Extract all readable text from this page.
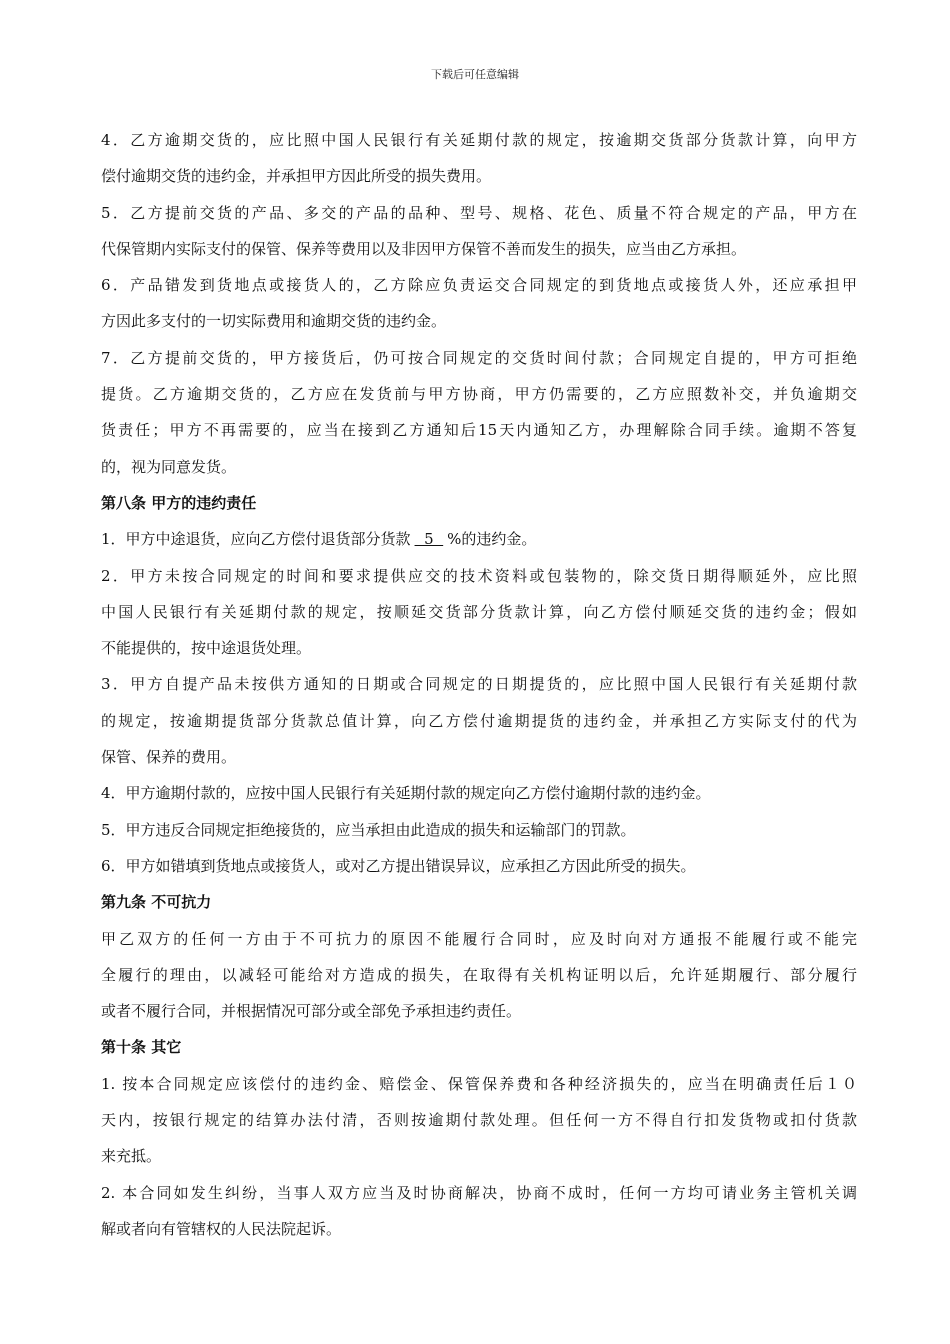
下载后可任意编辑

4．乙方逾期交货的，应比照中国人民银行有关延期付款的规定，按逾期交货部分货款计算，向甲方

偿付逾期交货的违约金，并承担甲方因此所受的损失费用。

5．乙方提前交货的产品、多交的产品的品种、型号、规格、花色、质量不符合规定的产品，甲方在

代保管期内实际支付的保管、保养等费用以及非因甲方保管不善而发生的损失，应当由乙方承担。

6．产品错发到货地点或接货人的，乙方除应负责运交合同规定的到货地点或接货人外，还应承担甲

方因此多支付的一切实际费用和逾期交货的违约金。

7．乙方提前交货的，甲方接货后，仍可按合同规定的交货时间付款；合同规定自提的，甲方可拒绝

提货。乙方逾期交货的，乙方应在发货前与甲方协商，甲方仍需要的，乙方应照数补交，并负逾期交

货责任；甲方不再需要的，应当在接到乙方通知后15天内通知乙方，办理解除合同手续。逾期不答复

的，视为同意发货。

第八条 甲方的违约责任

1．甲方中途退货，应向乙方偿付退货部分货款  5  %的违约金。

2．甲方未按合同规定的时间和要求提供应交的技术资料或包装物的，除交货日期得顺延外，应比照

中国人民银行有关延期付款的规定，按顺延交货部分货款计算，向乙方偿付顺延交货的违约金；假如

不能提供的，按中途退货处理。

3．甲方自提产品未按供方通知的日期或合同规定的日期提货的，应比照中国人民银行有关延期付款

的规定，按逾期提货部分货款总值计算，向乙方偿付逾期提货的违约金，并承担乙方实际支付的代为

保管、保养的费用。

4．甲方逾期付款的，应按中国人民银行有关延期付款的规定向乙方偿付逾期付款的违约金。

5．甲方违反合同规定拒绝接货的，应当承担由此造成的损失和运输部门的罚款。

6．甲方如错填到货地点或接货人，或对乙方提出错误异议，应承担乙方因此所受的损失。

第九条 不可抗力

甲乙双方的任何一方由于不可抗力的原因不能履行合同时，应及时向对方通报不能履行或不能完

全履行的理由，以减轻可能给对方造成的损失，在取得有关机构证明以后，允许延期履行、部分履行

或者不履行合同，并根据情况可部分或全部免予承担违约责任。

第十条 其它

1. 按本合同规定应该偿付的违约金、赔偿金、保管保养费和各种经济损失的，应当在明确责任后１０

天内，按银行规定的结算办法付清，否则按逾期付款处理。但任何一方不得自行扣发货物或扣付货款

来充抵。

2. 本合同如发生纠纷，当事人双方应当及时协商解决，协商不成时，任何一方均可请业务主管机关调

解或者向有管辖权的人民法院起诉。
